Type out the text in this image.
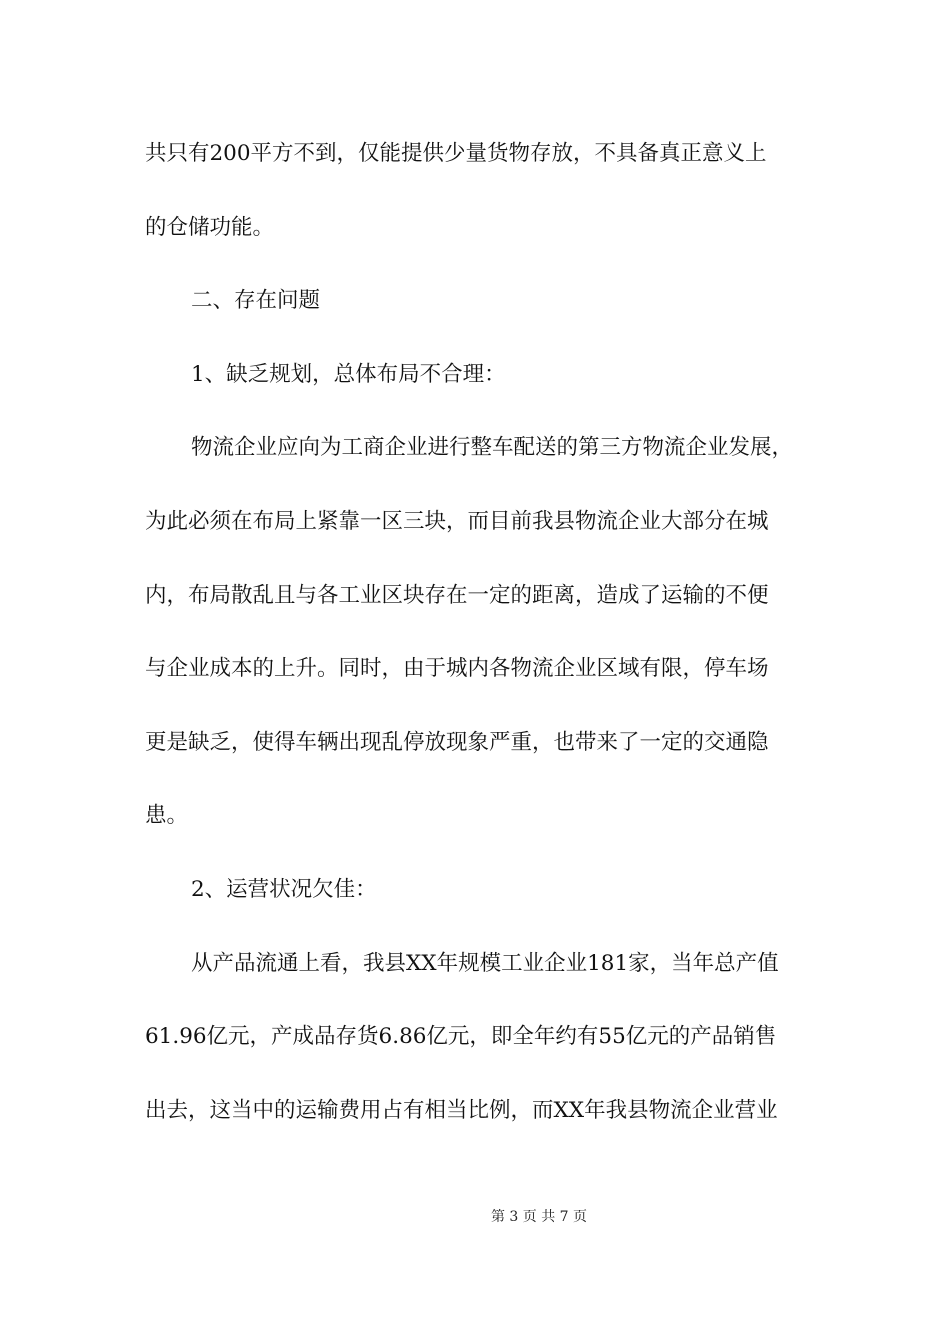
共只有200平方不到，仅能提供少量货物存放，不具备真正意义上
的仓储功能。
二、存在问题
1、缺乏规划，总体布局不合理：
物流企业应向为工商企业进行整车配送的第三方物流企业发展，
为此必须在布局上紧靠一区三块，而目前我县物流企业大部分在城
内，布局散乱且与各工业区块存在一定的距离，造成了运输的不便
与企业成本的上升。同时，由于城内各物流企业区域有限，停车场
更是缺乏，使得车辆出现乱停放现象严重，也带来了一定的交通隐
患。
2、运营状况欠佳：
从产品流通上看，我县XX年规模工业企业181家，当年总产值
61.96亿元，产成品存货6.86亿元，即全年约有55亿元的产品销售
出去，这当中的运输费用占有相当比例，而XX年我县物流企业营业
第 3 页 共 7 页
